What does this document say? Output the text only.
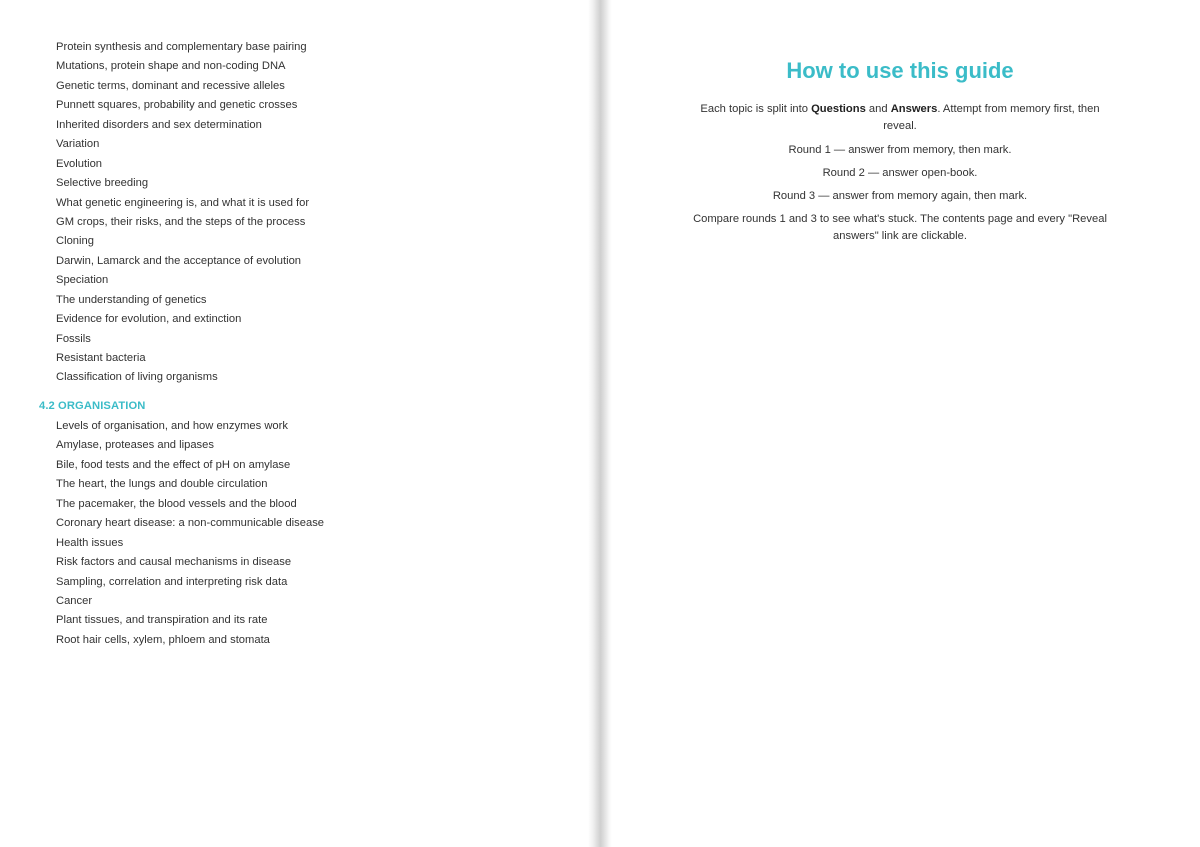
Protein synthesis and complementary base pairing
Mutations, protein shape and non-coding DNA
Genetic terms, dominant and recessive alleles
Punnett squares, probability and genetic crosses
Inherited disorders and sex determination
Variation
Evolution
Selective breeding
What genetic engineering is, and what it is used for
GM crops, their risks, and the steps of the process
Cloning
Darwin, Lamarck and the acceptance of evolution
Speciation
The understanding of genetics
Evidence for evolution, and extinction
Fossils
Resistant bacteria
Classification of living organisms
4.2 ORGANISATION
Levels of organisation, and how enzymes work
Amylase, proteases and lipases
Bile, food tests and the effect of pH on amylase
The heart, the lungs and double circulation
The pacemaker, the blood vessels and the blood
Coronary heart disease: a non-communicable disease
Health issues
Risk factors and causal mechanisms in disease
Sampling, correlation and interpreting risk data
Cancer
Plant tissues, and transpiration and its rate
Root hair cells, xylem, phloem and stomata
How to use this guide

Each topic is split into Questions and Answers. Attempt from memory first, then reveal.

Round 1 — answer from memory, then mark.

Round 2 — answer open-book.

Round 3 — answer from memory again, then mark.

Compare rounds 1 and 3 to see what's stuck. The contents page and every "Reveal answers" link are clickable.
